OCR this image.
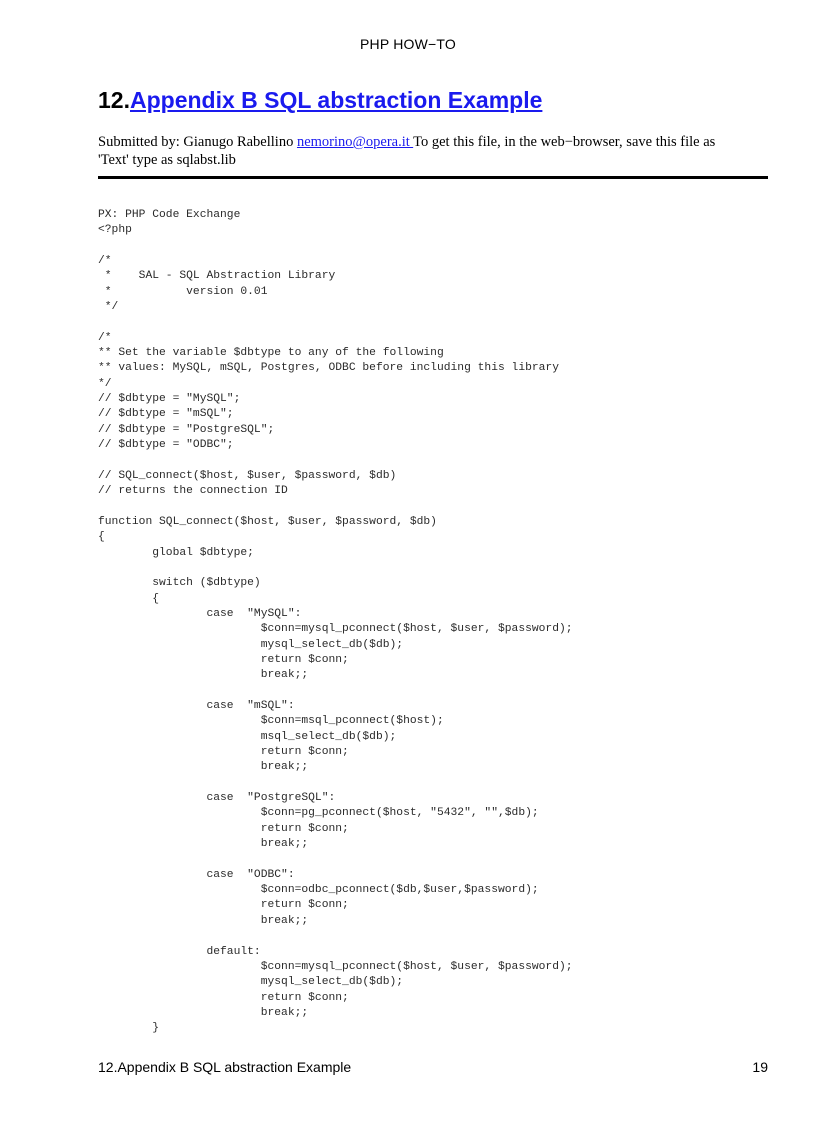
PHP HOW−TO
12.Appendix B SQL abstraction Example
Submitted by: Gianugo Rabellino nemorino@opera.it To get this file, in the web−browser, save this file as 'Text' type as sqlabst.lib
PX: PHP Code Exchange
<?php
/*
*    SAL - SQL Abstraction Library
*           version 0.01
*/
/*
** Set the variable $dbtype to any of the following
** values: MySQL, mSQL, Postgres, ODBC before including this library
*/
// $dbtype = "MySQL";
// $dbtype = "mSQL";
// $dbtype = "PostgreSQL";
// $dbtype = "ODBC";
// SQL_connect($host, $user, $password, $db)
// returns the connection ID
function SQL_connect($host, $user, $password, $db)
{
global $dbtype;
switch ($dbtype)
{
case  "MySQL":
$conn=mysql_pconnect($host, $user, $password);
mysql_select_db($db);
return $conn;
break;;
case  "mSQL":
$conn=msql_pconnect($host);
msql_select_db($db);
return $conn;
break;;
case  "PostgreSQL":
$conn=pg_pconnect($host, "5432", "",$db);
return $conn;
break;;
case  "ODBC":
$conn=odbc_pconnect($db,$user,$password);
return $conn;
break;;
default:
$conn=mysql_pconnect($host, $user, $password);
mysql_select_db($db);
return $conn;
break;;
}
12.Appendix B SQL abstraction Example	19
